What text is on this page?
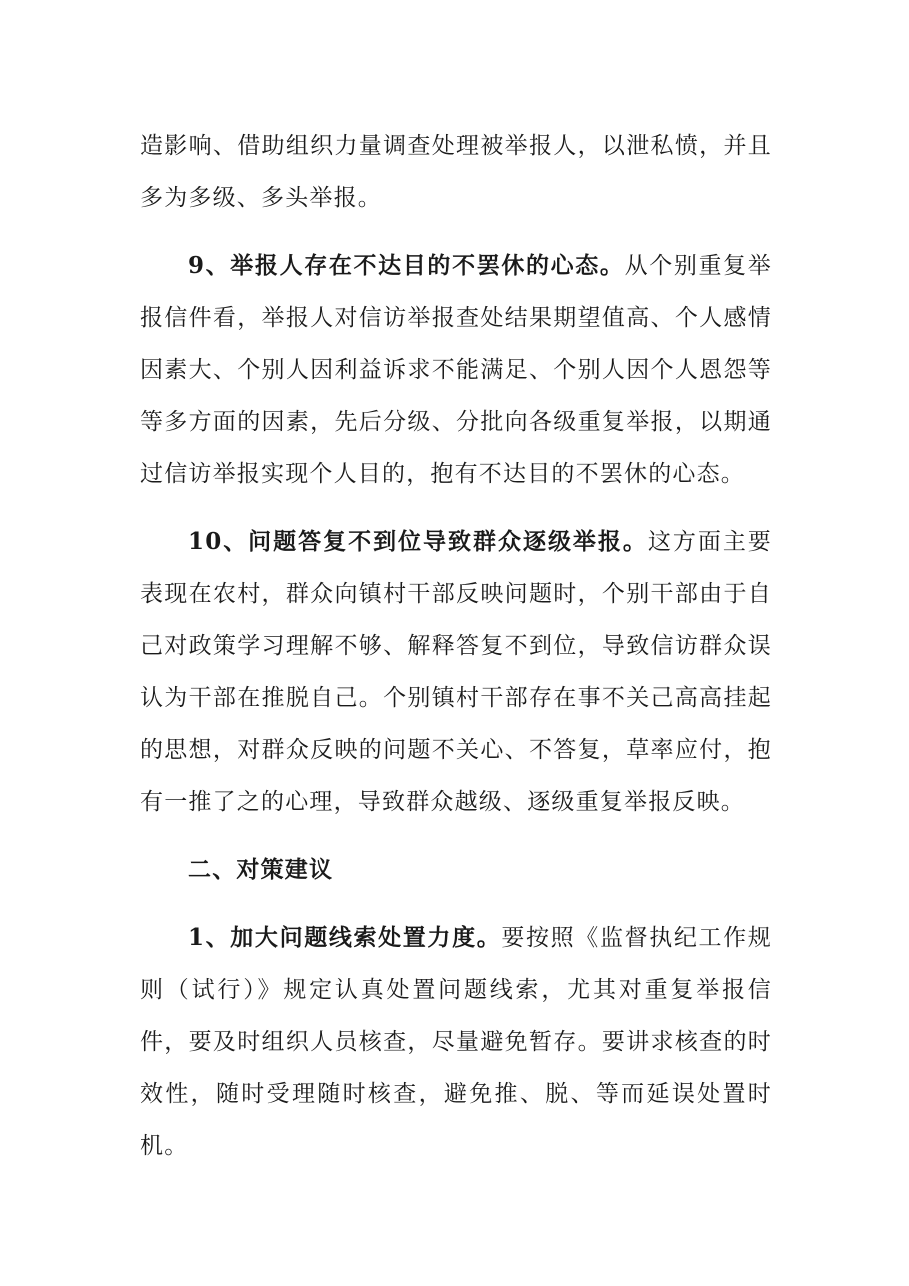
造影响、借助组织力量调查处理被举报人，以泄私愤，并且多为多级、多头举报。

9、举报人存在不达目的不罢休的心态。从个别重复举报信件看，举报人对信访举报查处结果期望值高、个人感情因素大、个别人因利益诉求不能满足、个别人因个人恩怨等等多方面的因素，先后分级、分批向各级重复举报，以期通过信访举报实现个人目的，抱有不达目的不罢休的心态。

10、问题答复不到位导致群众逐级举报。这方面主要表现在农村，群众向镇村干部反映问题时，个别干部由于自己对政策学习理解不够、解释答复不到位，导致信访群众误认为干部在推脱自己。个别镇村干部存在事不关己高高挂起的思想，对群众反映的问题不关心、不答复，草率应付，抱有一推了之的心理，导致群众越级、逐级重复举报反映。

二、对策建议

1、加大问题线索处置力度。要按照《监督执纪工作规则（试行）》规定认真处置问题线索，尤其对重复举报信件，要及时组织人员核查，尽量避免暂存。要讲求核查的时效性，随时受理随时核查，避免推、脱、等而延误处置时机。
